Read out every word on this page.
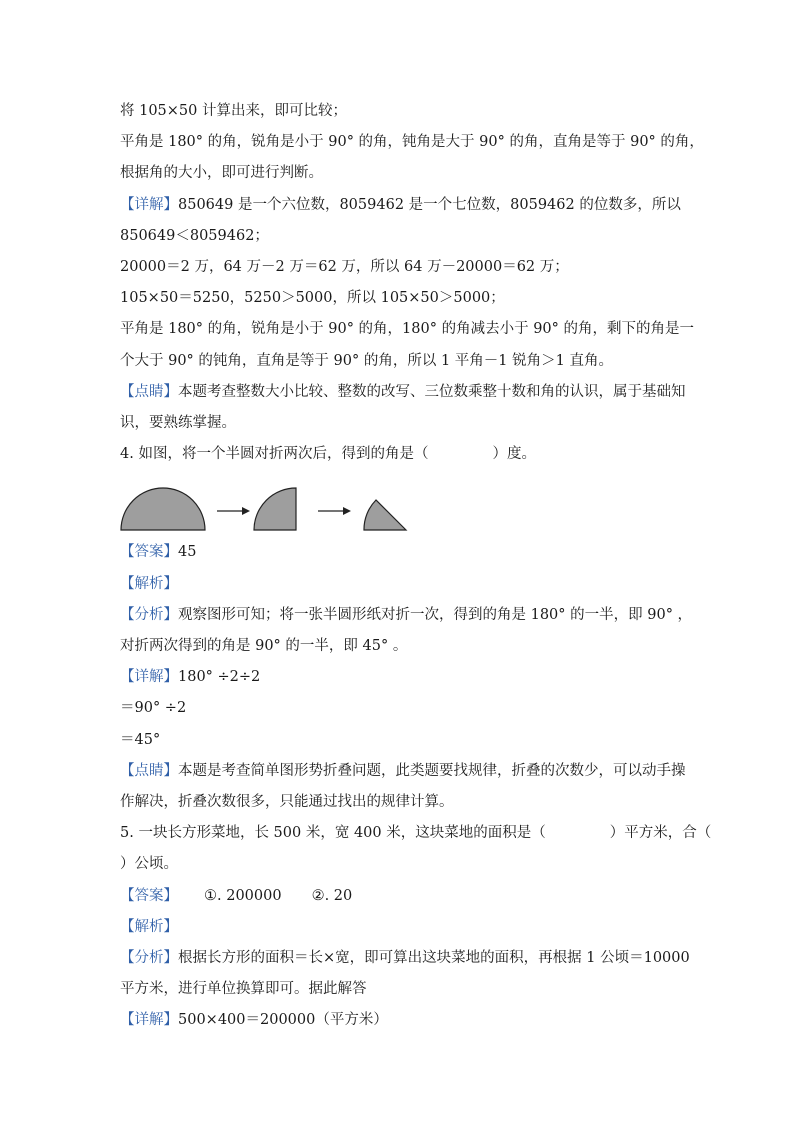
将 105×50 计算出来，即可比较；
平角是 180° 的角，锐角是小于 90° 的角，钝角是大于 90° 的角，直角是等于 90° 的角，
根据角的大小，即可进行判断。
【详解】850649 是一个六位数，8059462 是一个七位数，8059462 的位数多，所以
850649＜8059462；
20000＝2 万，64 万－2 万＝62 万，所以 64 万－20000＝62 万；
105×50＝5250，5250＞5000，所以 105×50＞5000；
平角是 180° 的角，锐角是小于 90° 的角，180° 的角减去小于 90° 的角，剩下的角是一
个大于 90° 的钝角，直角是等于 90° 的角，所以 1 平角－1 锐角＞1 直角。
【点睛】本题考查整数大小比较、整数的改写、三位数乘整十数和角的认识，属于基础知
识，要熟练掌握。
4. 如图，将一个半圆对折两次后，得到的角是（	）度。
【答案】45
【解析】
【分析】观察图形可知；将一张半圆形纸对折一次，得到的角是 180° 的一半，即 90° ，
对折两次得到的角是 90° 的一半，即 45° 。
【详解】180° ÷2÷2
＝90° ÷2
＝45°
【点睛】本题是考查简单图形势折叠问题，此类题要找规律，折叠的次数少，可以动手操
作解决，折叠次数很多，只能通过找出的规律计算。
5. 一块长方形菜地，长 500 米，宽 400 米，这块菜地的面积是（	）平方米，合（
）公顷。
【答案】 ①. 200000 ②. 20
【解析】
【分析】根据长方形的面积＝长×宽，即可算出这块菜地的面积，再根据 1 公顷＝10000
平方米，进行单位换算即可。据此解答
【详解】500×400＝200000（平方米）
